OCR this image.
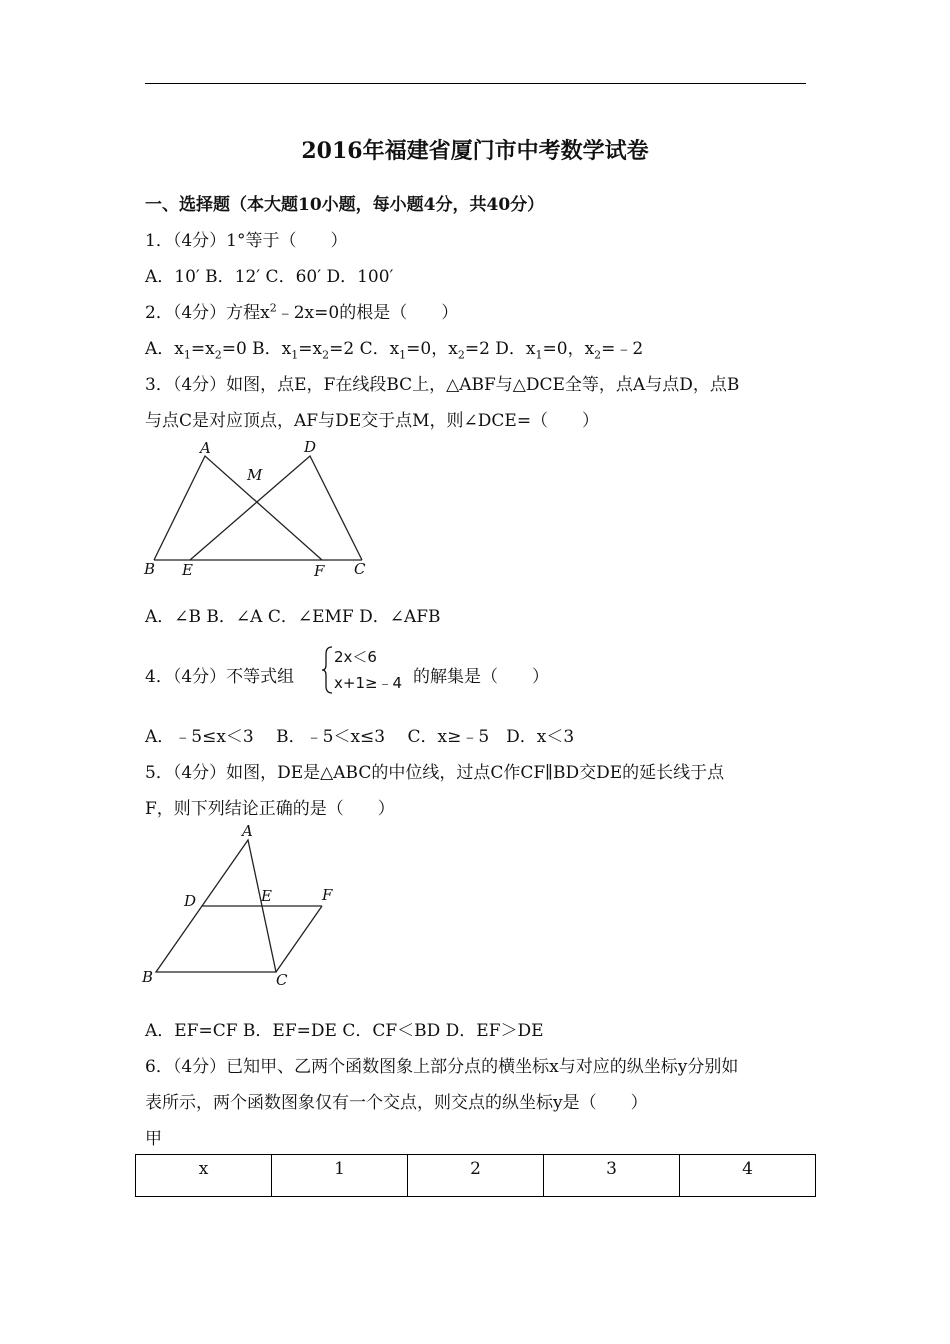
2016年福建省厦门市中考数学试卷
一、选择题（本大题10小题，每小题4分，共40分）
1．（4分）1°等于（　　）
A．10′ B．12′ C．60′ D．100′
2．（4分）方程$x^2﹣2x=0$的根是（　　）
A．$x_1=x_2=0$ B．$x_1=x_2=2$ C．$x_1=0$，$x_2=2$ D．$x_1=0$，$x_2=﹣2$
3．（4分）如图，点E，F在线段BC上，△ABF与△DCE全等，点A与点D，点B
与点C是对应顶点，AF与DE交于点M，则∠DCE=（　　）
A	D
M
B E	F C
A．∠B B．∠A C．∠EMF D．∠AFB
4．（4分）不等式组
2x＜6
x+1≥﹣4 的解集是（　　）
A．﹣5≤x＜3　 B．﹣5＜x≤3　 C．x≥﹣5　D．x＜3
5．（4分）如图，DE是△ABC的中位线，过点C作CF∥BD交DE的延长线于点
F，则下列结论正确的是（　　）
A
D	E	F
B	C
A．EF=CF B．EF=DE C．CF＜BD D．EF＞DE
6．（4分）已知甲、乙两个函数图象上部分点的横坐标x与对应的纵坐标y分别如
表所示，两个函数图象仅有一个交点，则交点的纵坐标y是（　　）
甲
x	1	2	3	4
